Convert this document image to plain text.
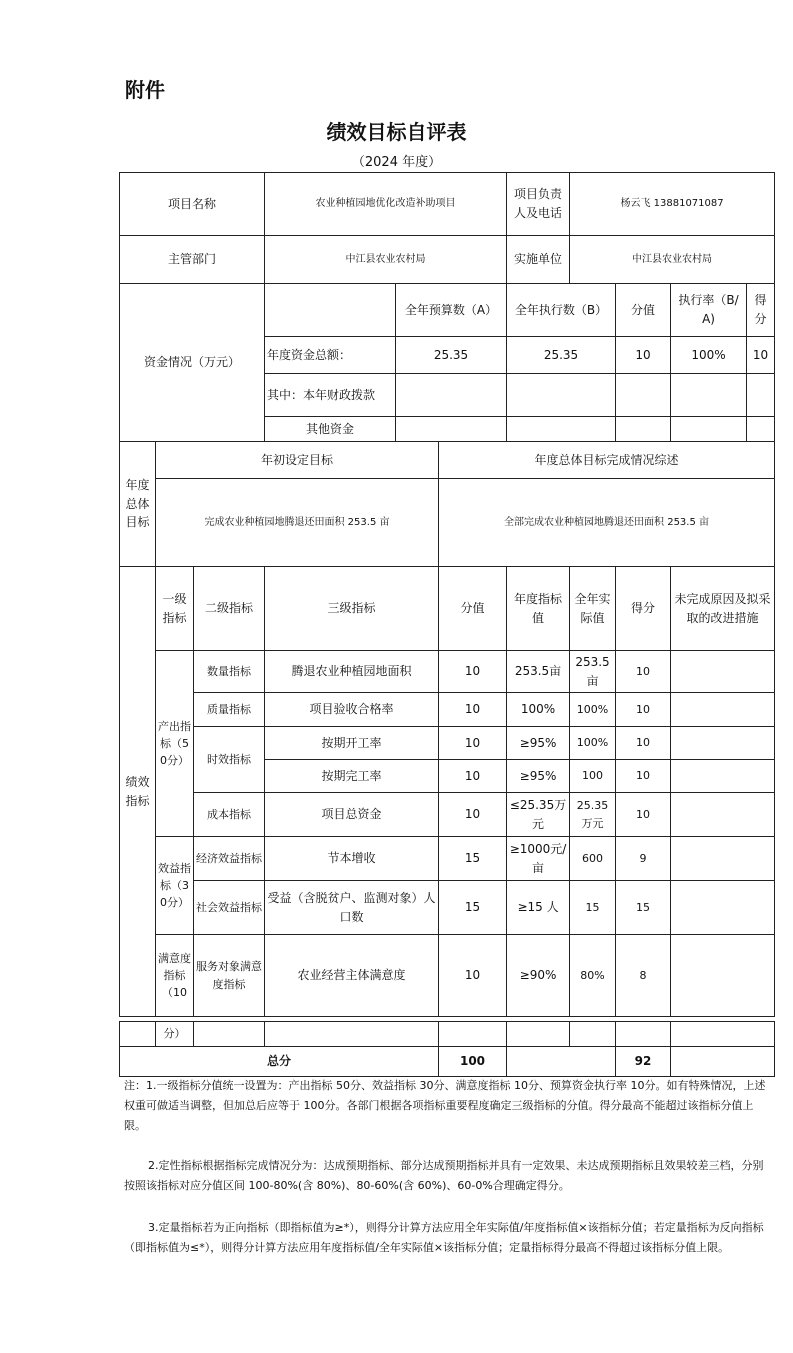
附件
绩效目标自评表
（2024 年度）
项目名称			农业种植园地优化改造补助项目			项目负责人及电话	杨云飞 13881071087			
主管部门			中江县农业农村局			实施单位	中江县农业农村局			
资金情况（万元）				全年预算数（A）		全年执行数（B）		分值	执行率（B/A)	得分
			年度资金总额：	25.35		25.35		10	100%	10
			其中：本年财政拨款							
			其他资金							
年度总体目标	年初设定目标				年度总体目标完成情况综述					
	完成农业种植园地腾退还田面积 253.5 亩				全部完成农业种植园地腾退还田面积 253.5 亩					
绩效指标	一级指标	二级指标	三级指标		分值	年度指标值	全年实际值	得分	未完成原因及拟采取的改进措施	
	产出指标（50分）	数量指标	腾退农业种植园地面积		10	253.5亩	253.5亩	10		
		质量指标	项目验收合格率		10	100%	100%	10		
		时效指标	按期开工率		10	≥95%	100%	10		
			按期完工率		10	≥95%	100	10		
		成本指标	项目总资金		10	≤25.35万元	25.35万元	10		
	效益指标（30分）	经济效益指标	节本增收		15	≥1000元/亩	600	9		
		社会效益指标	受益（含脱贫户、监测对象）人口数		15	≥15 人	15	15		
	满意度指标（10	服务对象满意度指标	农业经营主体满意度		10	≥90%	80%	8		
	分）							
总分				100			92	
注：1.一级指标分值统一设置为：产出指标 50分、效益指标 30分、满意度指标 10分、预算资金执行率 10分。如有特殊情况，上述权重可做适当调整，但加总后应等于 100分。各部门根据各项指标重要程度确定三级指标的分值。得分最高不能超过该指标分值上限。
2.定性指标根据指标完成情况分为：达成预期指标、部分达成预期指标并具有一定效果、未达成预期指标且效果较差三档，分别按照该指标对应分值区间 100-80%(含 80%)、80-60%(含 60%)、60-0%合理确定得分。
3.定量指标若为正向指标（即指标值为≥*），则得分计算方法应用全年实际值/年度指标值×该指标分值；若定量指标为反向指标（即指标值为≤*），则得分计算方法应用年度指标值/全年实际值×该指标分值；定量指标得分最高不得超过该指标分值上限。
